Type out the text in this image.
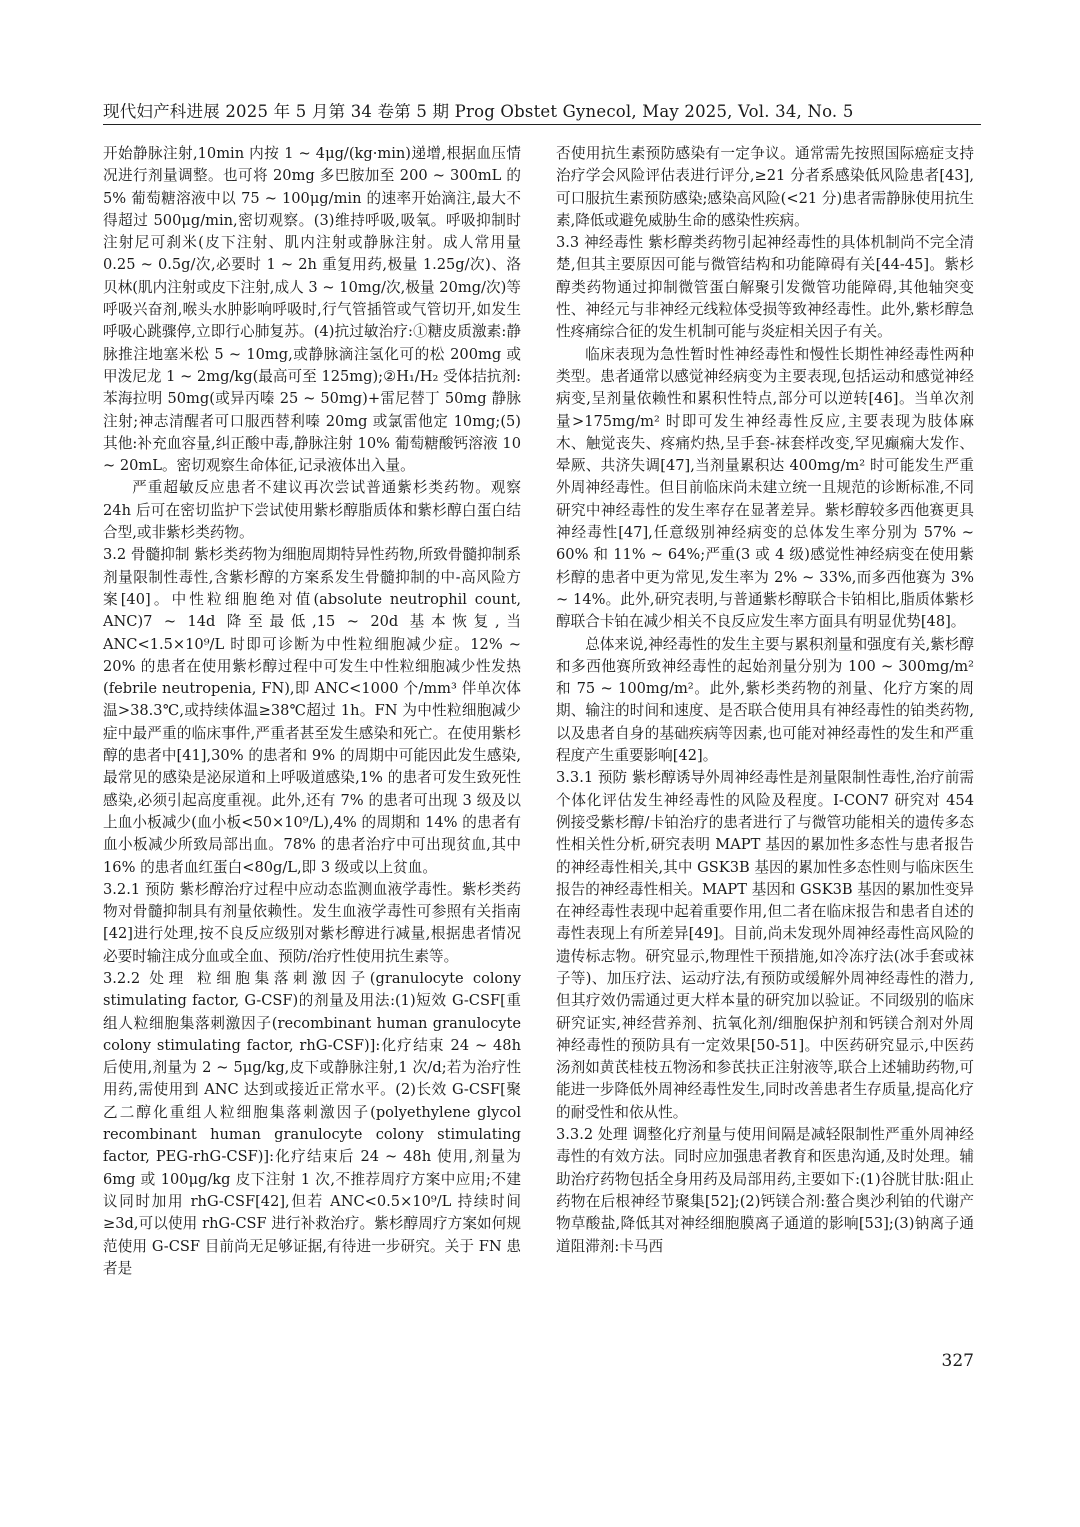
现代妇产科进展 2025 年 5 月第 34 卷第 5 期 Prog Obstet Gynecol, May 2025, Vol. 34, No. 5

开始静脉注射,10min 内按 1 ~ 4μg/(kg·min)递增,根据血压情况进行剂量调整。也可将 20mg 多巴胺加至 200 ~ 300mL 的 5% 葡萄糖溶液中以 75 ~ 100μg/min 的速率开始滴注,最大不得超过 500μg/min,密切观察。(3)维持呼吸,吸氧。呼吸抑制时注射尼可刹米(皮下注射、肌内注射或静脉注射。成人常用量 0.25 ~ 0.5g/次,必要时 1 ~ 2h 重复用药,极量 1.25g/次)、洛贝林(肌内注射或皮下注射,成人 3 ~ 10mg/次,极量 20mg/次)等呼吸兴奋剂,喉头水肿影响呼吸时,行气管插管或气管切开,如发生呼吸心跳骤停,立即行心肺复苏。(4)抗过敏治疗:①糖皮质激素:静脉推注地塞米松 5 ~ 10mg,或静脉滴注氢化可的松 200mg 或甲泼尼龙 1 ~ 2mg/kg(最高可至 125mg);②H₁/H₂ 受体拮抗剂:苯海拉明 50mg(或异丙嗪 25 ~ 50mg)+雷尼替丁 50mg 静脉注射;神志清醒者可口服西替利嗪 20mg 或氯雷他定 10mg;(5)其他:补充血容量,纠正酸中毒,静脉注射 10% 葡萄糖酸钙溶液 10 ~ 20mL。密切观察生命体征,记录液体出入量。

严重超敏反应患者不建议再次尝试普通紫杉类药物。观察 24h 后可在密切监护下尝试使用紫杉醇脂质体和紫杉醇白蛋白结合型,或非紫杉类药物。

3.2 骨髓抑制 紫杉类药物为细胞周期特异性药物,所致骨髓抑制系剂量限制性毒性,含紫杉醇的方案系发生骨髓抑制的中-高风险方案[40]。中性粒细胞绝对值(absolute neutrophil count, ANC)7 ~ 14d 降至最低,15 ~ 20d 基本恢复,当 ANC<1.5×10⁹/L 时即可诊断为中性粒细胞减少症。12% ~ 20% 的患者在使用紫杉醇过程中可发生中性粒细胞减少性发热(febrile neutropenia, FN),即 ANC<1000 个/mm³ 伴单次体温>38.3℃,或持续体温≥38℃超过 1h。FN 为中性粒细胞减少症中最严重的临床事件,严重者甚至发生感染和死亡。在使用紫杉醇的患者中[41],30% 的患者和 9% 的周期中可能因此发生感染,最常见的感染是泌尿道和上呼吸道感染,1% 的患者可发生致死性感染,必须引起高度重视。此外,还有 7% 的患者可出现 3 级及以上血小板减少(血小板<50×10⁹/L),4% 的周期和 14% 的患者有血小板减少所致局部出血。78% 的患者治疗中可出现贫血,其中 16% 的患者血红蛋白<80g/L,即 3 级或以上贫血。

3.2.1 预防 紫杉醇治疗过程中应动态监测血液学毒性。紫杉类药物对骨髓抑制具有剂量依赖性。发生血液学毒性可参照有关指南[42]进行处理,按不良反应级别对紫杉醇进行减量,根据患者情况必要时输注成分血或全血、预防/治疗性使用抗生素等。

3.2.2 处理 粒细胞集落刺激因子(granulocyte colony stimulating factor, G-CSF)的剂量及用法:(1)短效 G-CSF[重组人粒细胞集落刺激因子(recombinant human granulocyte colony stimulating factor, rhG-CSF)]:化疗结束 24 ~ 48h 后使用,剂量为 2 ~ 5μg/kg,皮下或静脉注射,1 次/d;若为治疗性用药,需使用到 ANC 达到或接近正常水平。(2)长效 G-CSF[聚乙二醇化重组人粒细胞集落刺激因子(polyethylene glycol recombinant human granulocyte colony stimulating factor, PEG-rhG-CSF)]:化疗结束后 24 ~ 48h 使用,剂量为 6mg 或 100μg/kg 皮下注射 1 次,不推荐周疗方案中应用;不建议同时加用 rhG-CSF[42],但若 ANC<0.5×10⁹/L 持续时间≥3d,可以使用 rhG-CSF 进行补救治疗。紫杉醇周疗方案如何规范使用 G-CSF 目前尚无足够证据,有待进一步研究。关于 FN 患者是

否使用抗生素预防感染有一定争议。通常需先按照国际癌症支持治疗学会风险评估表进行评分,≥21 分者系感染低风险患者[43],可口服抗生素预防感染;感染高风险(<21 分)患者需静脉使用抗生素,降低或避免威胁生命的感染性疾病。

3.3 神经毒性 紫杉醇类药物引起神经毒性的具体机制尚不完全清楚,但其主要原因可能与微管结构和功能障碍有关[44-45]。紫杉醇类药物通过抑制微管蛋白解聚引发微管功能障碍,其他轴突变性、神经元与非神经元线粒体受损等致神经毒性。此外,紫杉醇急性疼痛综合征的发生机制可能与炎症相关因子有关。

临床表现为急性暂时性神经毒性和慢性长期性神经毒性两种类型。患者通常以感觉神经病变为主要表现,包括运动和感觉神经病变,呈剂量依赖性和累积性特点,部分可以逆转[46]。当单次剂量>175mg/m² 时即可发生神经毒性反应,主要表现为肢体麻木、触觉丧失、疼痛灼热,呈手套-袜套样改变,罕见癫痫大发作、晕厥、共济失调[47],当剂量累积达 400mg/m² 时可能发生严重外周神经毒性。但目前临床尚未建立统一且规范的诊断标准,不同研究中神经毒性的发生率存在显著差异。紫杉醇较多西他赛更具神经毒性[47],任意级别神经病变的总体发生率分别为 57% ~ 60% 和 11% ~ 64%;严重(3 或 4 级)感觉性神经病变在使用紫杉醇的患者中更为常见,发生率为 2% ~ 33%,而多西他赛为 3% ~ 14%。此外,研究表明,与普通紫杉醇联合卡铂相比,脂质体紫杉醇联合卡铂在减少相关不良反应发生率方面具有明显优势[48]。

总体来说,神经毒性的发生主要与累积剂量和强度有关,紫杉醇和多西他赛所致神经毒性的起始剂量分别为 100 ~ 300mg/m² 和 75 ~ 100mg/m²。此外,紫杉类药物的剂量、化疗方案的周期、输注的时间和速度、是否联合使用具有神经毒性的铂类药物,以及患者自身的基础疾病等因素,也可能对神经毒性的发生和严重程度产生重要影响[42]。

3.3.1 预防 紫杉醇诱导外周神经毒性是剂量限制性毒性,治疗前需个体化评估发生神经毒性的风险及程度。I-CON7 研究对 454 例接受紫杉醇/卡铂治疗的患者进行了与微管功能相关的遗传多态性相关性分析,研究表明 MAPT 基因的累加性多态性与患者报告的神经毒性相关,其中 GSK3B 基因的累加性多态性则与临床医生报告的神经毒性相关。MAPT 基因和 GSK3B 基因的累加性变异在神经毒性表现中起着重要作用,但二者在临床报告和患者自述的毒性表现上有所差异[49]。目前,尚未发现外周神经毒性高风险的遗传标志物。研究显示,物理性干预措施,如冷冻疗法(冰手套或袜子等)、加压疗法、运动疗法,有预防或缓解外周神经毒性的潜力,但其疗效仍需通过更大样本量的研究加以验证。不同级别的临床研究证实,神经营养剂、抗氧化剂/细胞保护剂和钙镁合剂对外周神经毒性的预防具有一定效果[50-51]。中医药研究显示,中医药汤剂如黄芪桂枝五物汤和参芪扶正注射液等,联合上述辅助药物,可能进一步降低外周神经毒性发生,同时改善患者生存质量,提高化疗的耐受性和依从性。

3.3.2 处理 调整化疗剂量与使用间隔是减轻限制性严重外周神经毒性的有效方法。同时应加强患者教育和医患沟通,及时处理。辅助治疗药物包括全身用药及局部用药,主要如下:(1)谷胱甘肽:阻止药物在后根神经节聚集[52];(2)钙镁合剂:螯合奥沙利铂的代谢产物草酸盐,降低其对神经细胞膜离子通道的影响[53];(3)钠离子通道阻滞剂:卡马西

327
